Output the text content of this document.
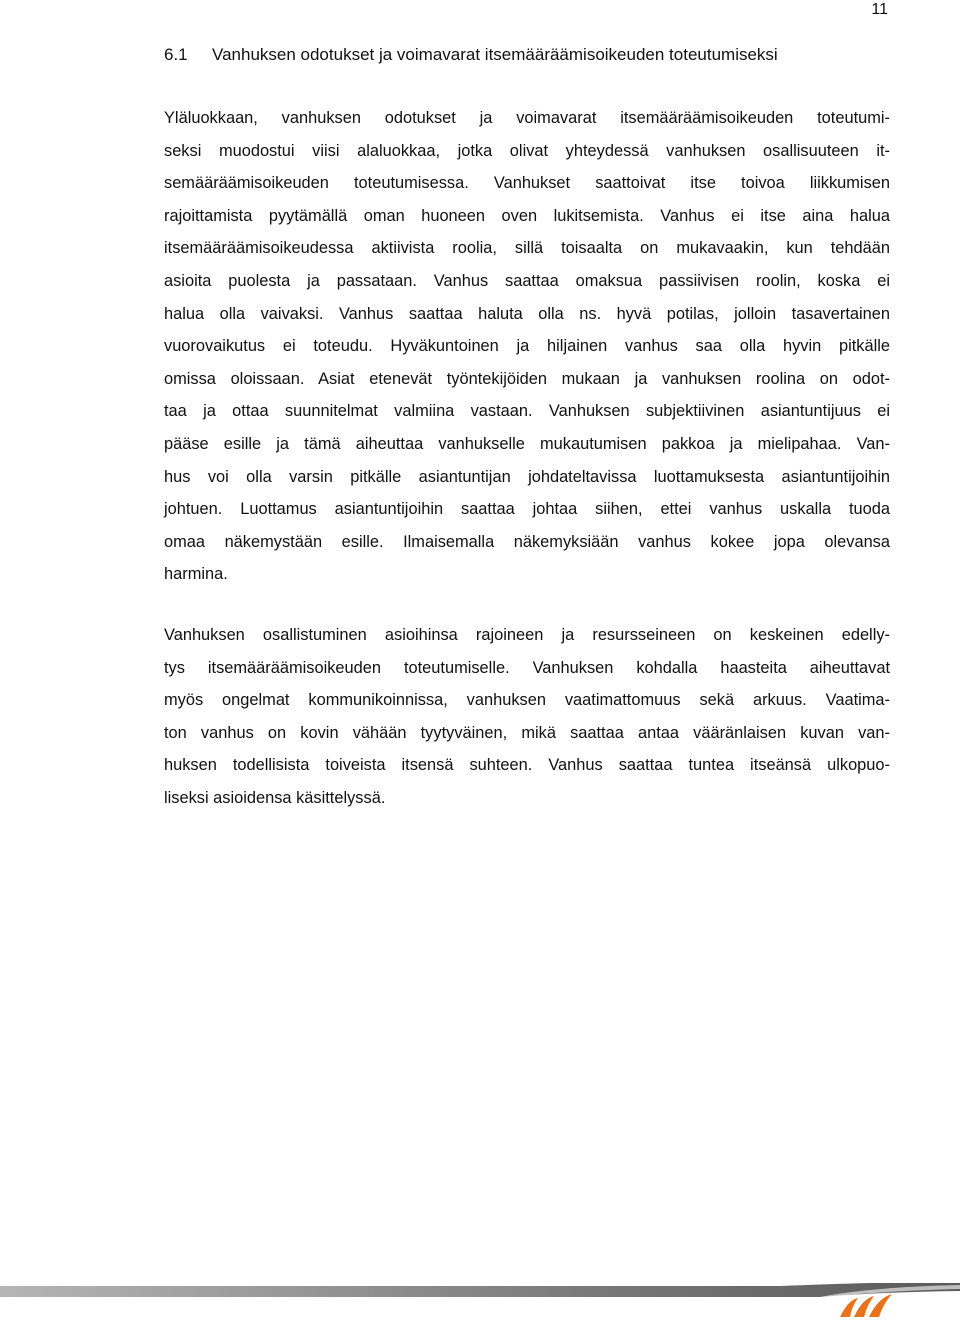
11
6.1 Vanhuksen odotukset ja voimavarat itsemääräämisoikeuden toteutumiseksi
Yläluokkaan, vanhuksen odotukset ja voimavarat itsemääräämisoikeuden toteutumi-
seksi muodostui viisi alaluokkaa, jotka olivat yhteydessä vanhuksen osallisuuteen it-
semääräämisoikeuden toteutumisessa. Vanhukset saattoivat itse toivoa liikkumisen
rajoittamista pyytämällä oman huoneen oven lukitsemista. Vanhus ei itse aina halua
itsemääräämisoikeudessa aktiivista roolia, sillä toisaalta on mukavaakin, kun tehdään
asioita puolesta ja passataan. Vanhus saattaa omaksua passiivisen roolin, koska ei
halua olla vaivaksi. Vanhus saattaa haluta olla ns. hyvä potilas, jolloin tasavertainen
vuorovaikutus ei toteudu. Hyväkuntoinen ja hiljainen vanhus saa olla hyvin pitkälle
omissa oloissaan. Asiat etenevät työntekijöiden mukaan ja vanhuksen roolina on odot-
taa ja ottaa suunnitelmat valmiina vastaan. Vanhuksen subjektiivinen asiantuntijuus ei
pääse esille ja tämä aiheuttaa vanhukselle mukautumisen pakkoa ja mielipahaa. Van-
hus voi olla varsin pitkälle asiantuntijan johdateltavissa luottamuksesta asiantuntijoihin
johtuen. Luottamus asiantuntijoihin saattaa johtaa siihen, ettei vanhus uskalla tuoda
omaa näkemystään esille. Ilmaisemalla näkemyksiään vanhus kokee jopa olevansa
harmina.
Vanhuksen osallistuminen asioihinsa rajoineen ja resursseineen on keskeinen edelly-
tys itsemääräämisoikeuden toteutumiselle. Vanhuksen kohdalla haasteita aiheuttavat
myös ongelmat kommunikoinnissa, vanhuksen vaatimattomuus sekä arkuus. Vaatima-
ton vanhus on kovin vähään tyytyväinen, mikä saattaa antaa vääränlaisen kuvan van-
huksen todellisista toiveista itsensä suhteen. Vanhus saattaa tuntea itseänsä ulkopuo-
liseksi asioidensa käsittelyssä.
